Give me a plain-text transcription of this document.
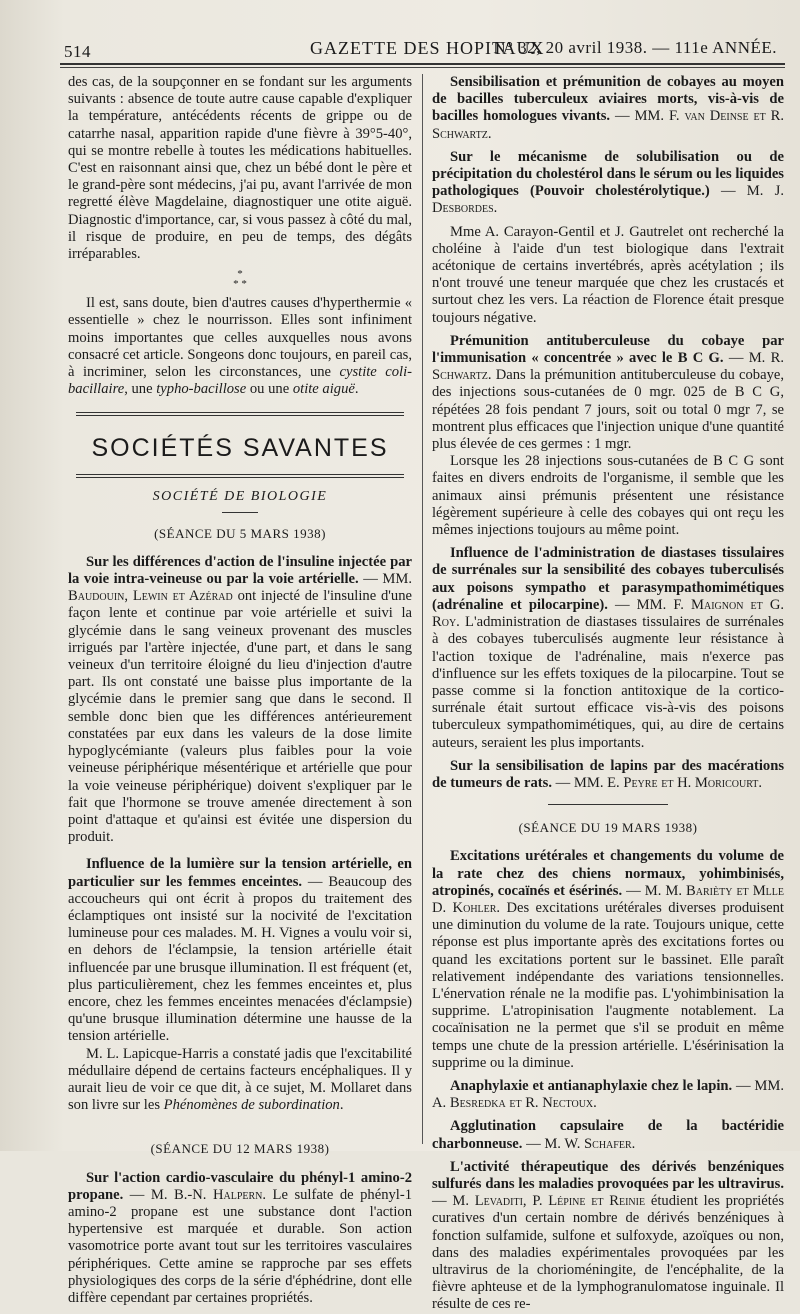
514	GAZETTE DES HOPITAUX
N° 32, 20 avril 1938. — 111e ANNÉE.

des cas, de la soupçonner en se fondant sur les arguments suivants : absence de toute autre cause capable d'expliquer la température, antécédents récents de grippe ou de catarrhe nasal, apparition rapide d'une fièvre à 39°5-40°, qui se montre rebelle à toutes les médications habituelles. C'est en raisonnant ainsi que, chez un bébé dont le père et le grand-père sont médecins, j'ai pu, avant l'arrivée de mon regretté élève Magdelaine, diagnostiquer une otite aiguë. Diagnostic d'importance, car, si vous passez à côté du mal, il risque de produire, en peu de temps, des dégâts irréparables.

*
* *

Il est, sans doute, bien d'autres causes d'hyperthermie « essentielle » chez le nourrisson. Elles sont infiniment moins importantes que celles auxquelles nous avons consacré cet article. Songeons donc toujours, en pareil cas, à incriminer, selon les circonstances, une cystite coli-bacillaire, une typho-bacillose ou une otite aiguë.

SOCIÉTÉS SAVANTES
SOCIÉTÉ DE BIOLOGIE
(SÉANCE DU 5 MARS 1938)

Sur les différences d'action de l'insuline injectée par la voie intra-veineuse ou par la voie artérielle. — MM. Baudouin, Lewin et Azérad ont injecté de l'insuline d'une façon lente et continue par voie artérielle et suivi la glycémie dans le sang veineux provenant des muscles irrigués par l'artère injectée, d'une part, et dans le sang veineux d'un territoire éloigné du lieu d'injection d'autre part. Ils ont constaté une baisse plus importante de la glycémie dans le premier sang que dans le second. Il semble donc bien que les différences antérieurement constatées par eux dans les valeurs de la dose limite hypoglycémiante (valeurs plus faibles pour la voie veineuse périphérique mésentérique et artérielle que pour la voie veineuse périphérique) doivent s'expliquer par le fait que l'hormone se trouve amenée directement à son point d'attaque et qu'ainsi est évitée une dispersion du produit.

Influence de la lumière sur la tension artérielle, en particulier sur les femmes enceintes. — Beaucoup des accoucheurs qui ont écrit à propos du traitement des éclamptiques ont insisté sur la nocivité de l'excitation lumineuse pour ces malades. M. H. Vignes a voulu voir si, en dehors de l'éclampsie, la tension artérielle était influencée par une brusque illumination. Il est fréquent (et, plus particulièrement, chez les femmes enceintes et, plus encore, chez les femmes enceintes menacées d'éclampsie) qu'une brusque illumination détermine une hausse de la tension artérielle.

M. L. Lapicque-Harris a constaté jadis que l'excitabilité médullaire dépend de certains facteurs encéphaliques. Il y aurait lieu de voir ce que dit, à ce sujet, M. Mollaret dans son livre sur les Phénomènes de subordination.

(SÉANCE DU 12 MARS 1938)

Sur l'action cardio-vasculaire du phényl-1 amino-2 propane. — M. B.-N. Halpern. Le sulfate de phényl-1 amino-2 propane est une substance dont l'action hypertensive est marquée et durable. Son action vasomotrice porte avant tout sur les territoires vasculaires périphériques. Cette amine se rapproche par ses effets physiologiques des corps de la série d'éphédrine, dont elle diffère cependant par certaines propriétés.

Sensibilisation et prémunition de cobayes au moyen de bacilles tuberculeux aviaires morts, vis-à-vis de bacilles homologues vivants. — MM. F. van Deinse et R. Schwartz.

Sur le mécanisme de solubilisation ou de précipitation du cholestérol dans le sérum ou les liquides pathologiques (Pouvoir cholestérolytique.) — M. J. Desbordes.

Mme A. Carayon-Gentil et J. Gautrelet ont recherché la choléine à l'aide d'un test biologique dans l'extrait acétonique de certains invertébrés, après acétylation ; ils n'ont trouvé une teneur marquée que chez les crustacés et surtout chez les vers. La réaction de Florence était presque toujours négative.

Prémunition antituberculeuse du cobaye par l'immunisation « concentrée » avec le B C G. — M. R. Schwartz. Dans la prémunition antituberculeuse du cobaye, des injections sous-cutanées de 0 mgr. 025 de B C G, répétées 28 fois pendant 7 jours, soit ou total 0 mgr 7, se montrent plus efficaces que l'injection unique d'une quantité plus élevée de ces germes : 1 mgr.

Lorsque les 28 injections sous-cutanées de B C G sont faites en divers endroits de l'organisme, il semble que les animaux ainsi prémunis présentent une résistance légèrement supérieure à celle des cobayes qui ont reçu les mêmes injections toujours au même point.

Influence de l'administration de diastases tissulaires de surrénales sur la sensibilité des cobayes tuberculisés aux poisons sympatho et parasympathomimétiques (adrénaline et pilocarpine). — MM. F. Maignon et G. Roy. L'administration de diastases tissulaires de surrénales à des cobayes tuberculisés augmente leur résistance à l'action toxique de l'adrénaline, mais n'exerce pas d'influence sur les effets toxiques de la pilocarpine. Tout se passe comme si la fonction antitoxique de la cortico-surrénale était surtout efficace vis-à-vis des poisons tuberculeux sympathomimétiques, qui, au dire de certains auteurs, seraient les plus importants.

Sur la sensibilisation de lapins par des macérations de tumeurs de rats. — MM. E. Peyre et H. Moricourt.

(SÉANCE DU 19 MARS 1938)

Excitations urétérales et changements du volume de la rate chez des chiens normaux, yohimbinisés, atropinés, cocaïnés et ésérinés. — M. M. Barièty et Mlle D. Kohler. Des excitations urétérales diverses produisent une diminution du volume de la rate. Toujours unique, cette réponse est plus importante après des excitations fortes ou quand les excitations portent sur le bassinet. Elle paraît relativement indépendante des variations tensionnelles. L'énervation rénale ne la modifie pas. L'yohimbinisation la supprime. L'atropinisation l'augmente notablement. La cocaïnisation ne la permet que s'il se produit en même temps une chute de la pression artérielle. L'ésérinisation la supprime ou la diminue.

Anaphylaxie et antianaphylaxie chez le lapin. — MM. A. Besredka et R. Nectoux.

Agglutination capsulaire de la bactéridie charbonneuse. — M. W. Schafer.

L'activité thérapeutique des dérivés benzéniques sulfurés dans les maladies provoquées par les ultravirus. — M. Levaditi, P. Lépine et Reinie étudient les propriétés curatives d'un certain nombre de dérivés benzéniques à fonction sulfamide, sulfone et sulfoxyde, azoïques ou non, dans des maladies expérimentales provoquées par les ultravirus de la chorioméningite, de l'encéphalite, de la fièvre aphteuse et de la lymphogranulomatose inguinale. Il résulte de ces re-
